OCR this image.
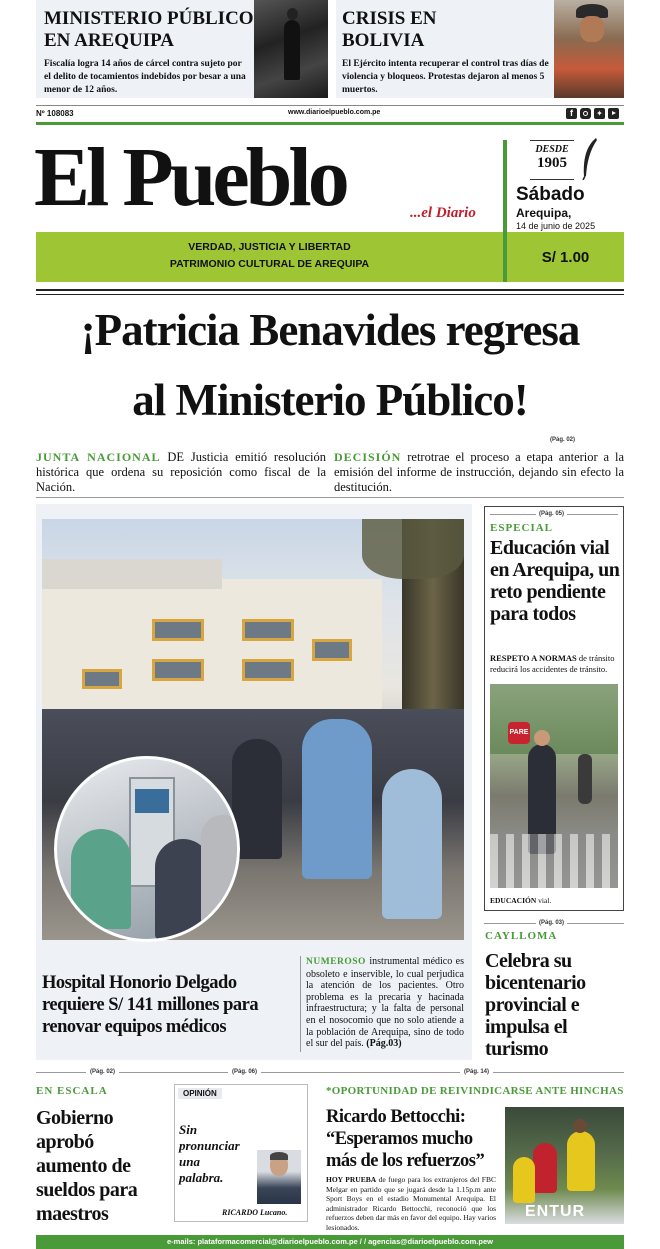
MINISTERIO PÚBLICO
EN AREQUIPA

Fiscalía logra 14 años de cárcel contra sujeto por el delito de tocamientos indebidos por besar a una menor de 12 años.

CRISIS EN
BOLIVIA

El Ejército intenta recuperar el control tras días de violencia y bloqueos. Protestas dejaron al menos 5 muertos.

Nº 108083	www.diarioelpueblo.com.pe	f	✦
El Pueblo	...el Diario
DESDE
1905
Sábado
Arequipa,
14 de junio de 2025
VERDAD, JUSTICIA Y LIBERTAD
PATRIMONIO CULTURAL DE AREQUIPA	S/ 1.00
¡Patricia Benavides regresa
al Ministerio Público!
(Pág. 02)

JUNTA NACIONAL DE Justicia emitió resolución histórica que ordena su reposición como fiscal de la Nación.

DECISIÓN retrotrae el proceso a etapa anterior a la emisión del informe de instrucción, dejando sin efecto la destitución.

Hospital Honorio Delgado requiere S/ 141 millones para renovar equipos médicos

NUMEROSO instrumental médico es obsoleto e inservible, lo cual perjudica la atención de los pacientes. Otro problema es la precaria y hacinada infraestructura; y la falta de personal en el nosocomio que no solo atiende a la población de Arequipa, sino de todo el sur del país. (Pág.03)

(Pág. 05)
ESPECIAL
Educación vial en Arequipa, un reto pendiente para todos

RESPETO A NORMAS de tránsito reducirá los accidentes de tránsito.

PARE
EDUCACIÓN vial.
(Pág. 03)
CAYLLOMA
Celebra su bicentenario provincial e impulsa el turismo
(Pág. 02)	(Pág. 06)	(Pág. 14)
EN ESCALA
Gobierno aprobó aumento de sueldos para maestros
OPINIÓN
Sin pronunciar una palabra.
RICARDO Lucano.
*OPORTUNIDAD DE REIVINDICARSE ANTE HINCHAS
Ricardo Bettocchi: “Esperamos mucho más de los refuerzos”

HOY PRUEBA de fuego para los extranjeros del FBC Melgar en partido que se jugará desde la 1.15p.m ante Sport Boys en el estadio Monumental Arequipa. El administrador Ricardo Bettocchi, reconoció que los refuerzos deben dar más en favor del equipo. Hay varios lesionados.

ENTUR
e-mails: plataformacomercial@diarioelpueblo.com.pe / / agencias@diarioelpueblo.com.pew
